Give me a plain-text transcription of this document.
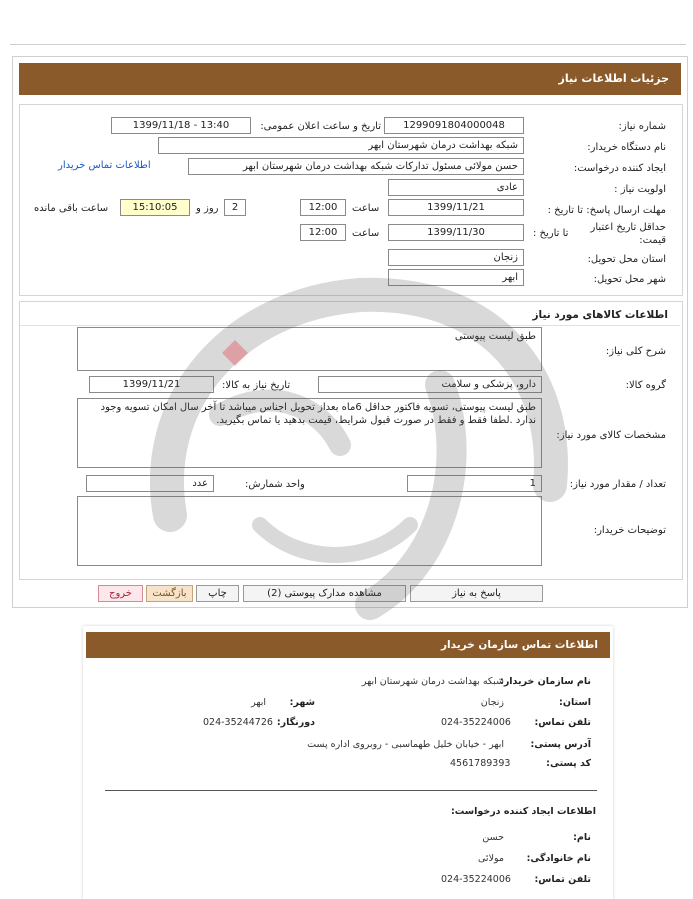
جزئیات اطلاعات نیاز
شماره نیاز:
1299091804000048
تاریخ و ساعت اعلان عمومی:
1399/11/18 - 13:40
نام دستگاه خریدار:
شبکه بهداشت درمان شهرستان ابهر
ایجاد کننده درخواست:
حسن مولائی مسئول تدارکات شبکه بهداشت درمان شهرستان ابهر
اطلاعات تماس خریدار
اولویت نیاز :
عادی
مهلت ارسال پاسخ: تا تاریخ :
1399/11/21
ساعت
12:00
2
روز و
15:10:05
ساعت باقی مانده
حداقل تاریخ اعتبار
قیمت:
تا تاریخ :
1399/11/30
ساعت
12:00
استان محل تحویل:
زنجان
شهر محل تحویل:
ابهر
اطلاعات کالاهای مورد نیاز
شرح کلی نیاز:
طبق لیست پیوستی
گروه کالا:
دارو، پزشکی و سلامت
تاریخ نیاز به کالا:
1399/11/21
مشخصات کالای مورد نیاز:
طبق لیست پیوستی، تسویه فاکتور حداقل 6ماه بعداز تحویل اجناس میباشد تا آخر سال امکان تسویه وجود ندارد .لطفا فقط و فقط در صورت قبول شرایط، قیمت بدهید یا تماس بگیرید.
تعداد / مقدار مورد نیاز:
1
واحد شمارش:
عدد
توضیحات خریدار:
پاسخ به نیاز
مشاهده مدارک پیوستی (2)
چاپ
بازگشت
خروج
اطلاعات تماس سازمان خریدار
نام سازمان خریدار:
شبکه بهداشت درمان شهرستان ابهر
استان:
زنجان
شهر:
ابهر
تلفن تماس:
024-35224006
دورنگار:
024-35244726
آدرس پستی:
ابهر - خیابان خلیل طهماسبی - روبروی اداره پست
کد پستی:
4561789393
اطلاعات ایجاد کننده درخواست:
نام:
حسن
نام خانوادگی:
مولائی
تلفن تماس:
024-35224006
